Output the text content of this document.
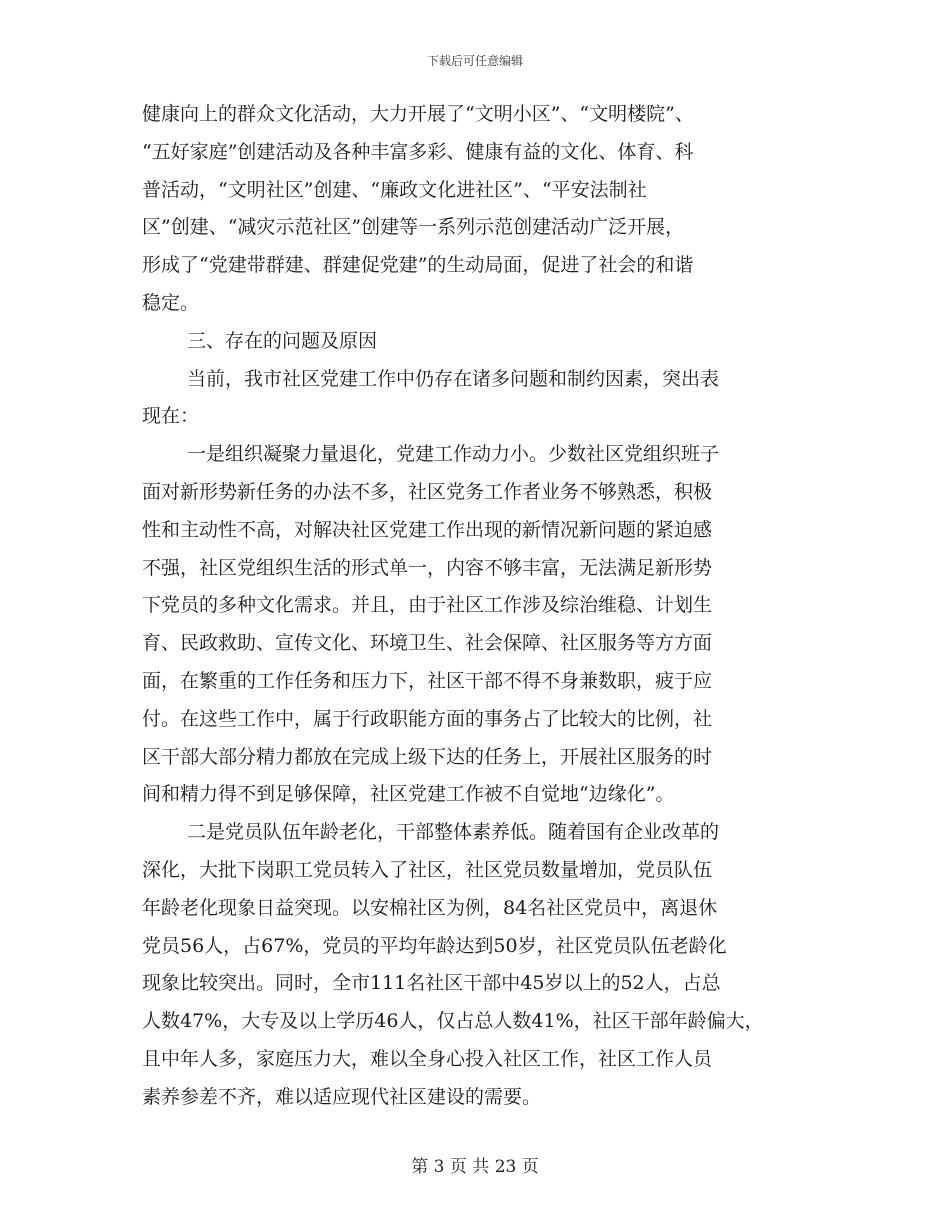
下载后可任意编辑
健康向上的群众文化活动，大力开展了“文明小区”、“文明楼院”、
“五好家庭”创建活动及各种丰富多彩、健康有益的文化、体育、科
普活动，“文明社区”创建、“廉政文化进社区”、“平安法制社
区”创建、“减灾示范社区”创建等一系列示范创建活动广泛开展，
形成了“党建带群建、群建促党建”的生动局面，促进了社会的和谐
稳定。
三、存在的问题及原因
当前，我市社区党建工作中仍存在诸多问题和制约因素，突出表
现在：
一是组织凝聚力量退化，党建工作动力小。少数社区党组织班子
面对新形势新任务的办法不多，社区党务工作者业务不够熟悉，积极
性和主动性不高，对解决社区党建工作出现的新情况新问题的紧迫感
不强，社区党组织生活的形式单一，内容不够丰富，无法满足新形势
下党员的多种文化需求。并且，由于社区工作涉及综治维稳、计划生
育、民政救助、宣传文化、环境卫生、社会保障、社区服务等方方面
面，在繁重的工作任务和压力下，社区干部不得不身兼数职，疲于应
付。在这些工作中，属于行政职能方面的事务占了比较大的比例，社
区干部大部分精力都放在完成上级下达的任务上，开展社区服务的时
间和精力得不到足够保障，社区党建工作被不自觉地“边缘化”。
二是党员队伍年龄老化，干部整体素养低。随着国有企业改革的
深化，大批下岗职工党员转入了社区，社区党员数量增加，党员队伍
年龄老化现象日益突现。以安棉社区为例，84名社区党员中，离退休
党员56人，占67%，党员的平均年龄达到50岁，社区党员队伍老龄化
现象比较突出。同时，全市111名社区干部中45岁以上的52人，占总
人数47%，大专及以上学历46人，仅占总人数41%，社区干部年龄偏大，
且中年人多，家庭压力大，难以全身心投入社区工作，社区工作人员
素养参差不齐，难以适应现代社区建设的需要。
第 3 页 共 23 页
